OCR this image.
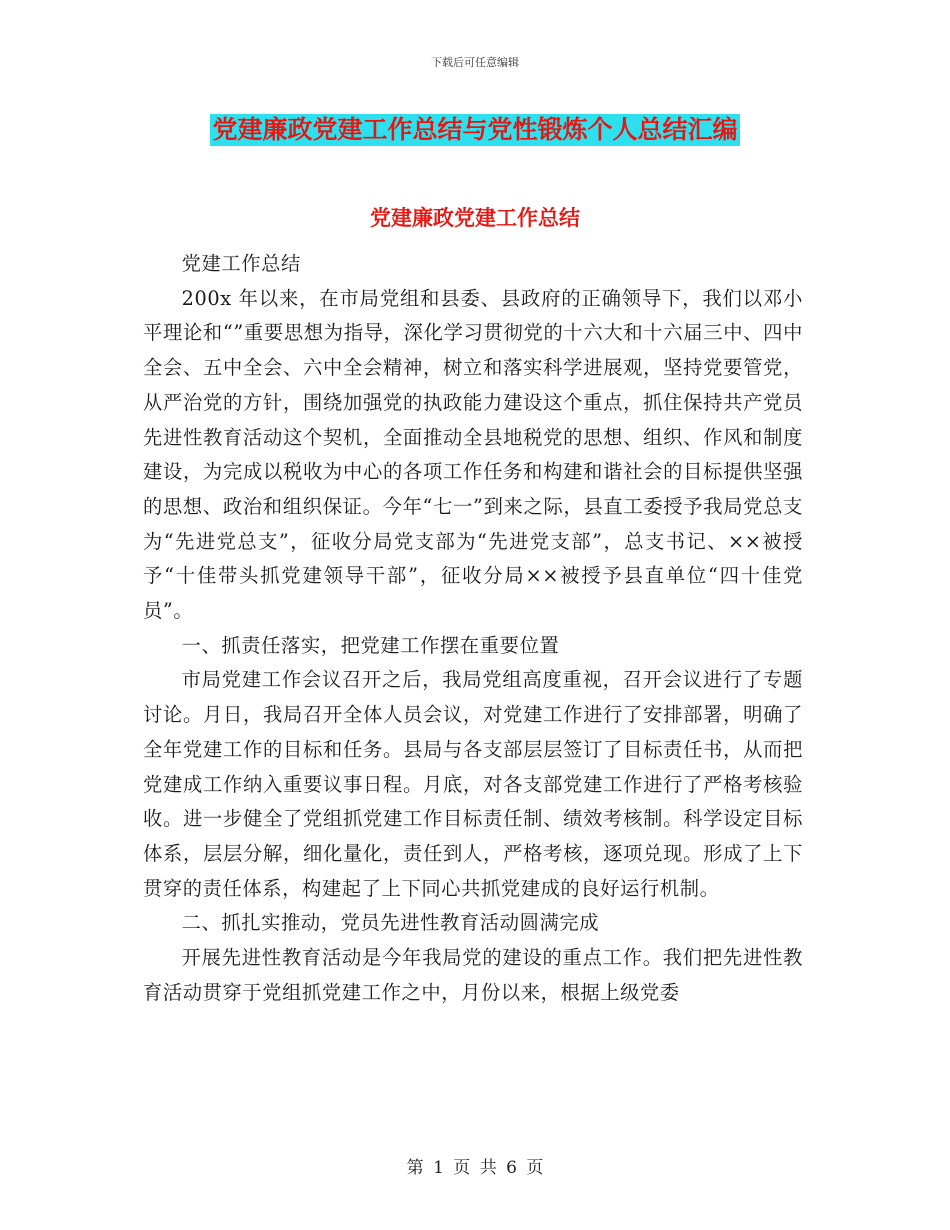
下载后可任意编辑
党建廉政党建工作总结与党性锻炼个人总结汇编
党建廉政党建工作总结

党建工作总结

200x 年以来，在市局党组和县委、县政府的正确领导下，我们以邓小平理论和“”重要思想为指导，深化学习贯彻党的十六大和十六届三中、四中全会、五中全会、六中全会精神，树立和落实科学进展观，坚持党要管党，从严治党的方针，围绕加强党的执政能力建设这个重点，抓住保持共产党员先进性教育活动这个契机，全面推动全县地税党的思想、组织、作风和制度建设，为完成以税收为中心的各项工作任务和构建和谐社会的目标提供坚强的思想、政治和组织保证。今年“七一”到来之际，县直工委授予我局党总支为“先进党总支”，征收分局党支部为“先进党支部”，总支书记、××被授予“十佳带头抓党建领导干部”，征收分局××被授予县直单位“四十佳党员”。

一、抓责任落实，把党建工作摆在重要位置

市局党建工作会议召开之后，我局党组高度重视，召开会议进行了专题讨论。月日，我局召开全体人员会议，对党建工作进行了安排部署，明确了全年党建工作的目标和任务。县局与各支部层层签订了目标责任书，从而把党建成工作纳入重要议事日程。月底，对各支部党建工作进行了严格考核验收。进一步健全了党组抓党建工作目标责任制、绩效考核制。科学设定目标体系，层层分解，细化量化，责任到人，严格考核，逐项兑现。形成了上下贯穿的责任体系，构建起了上下同心共抓党建成的良好运行机制。

二、抓扎实推动，党员先进性教育活动圆满完成

开展先进性教育活动是今年我局党的建设的重点工作。我们把先进性教育活动贯穿于党组抓党建工作之中，月份以来，根据上级党委

第 1 页 共 6 页
